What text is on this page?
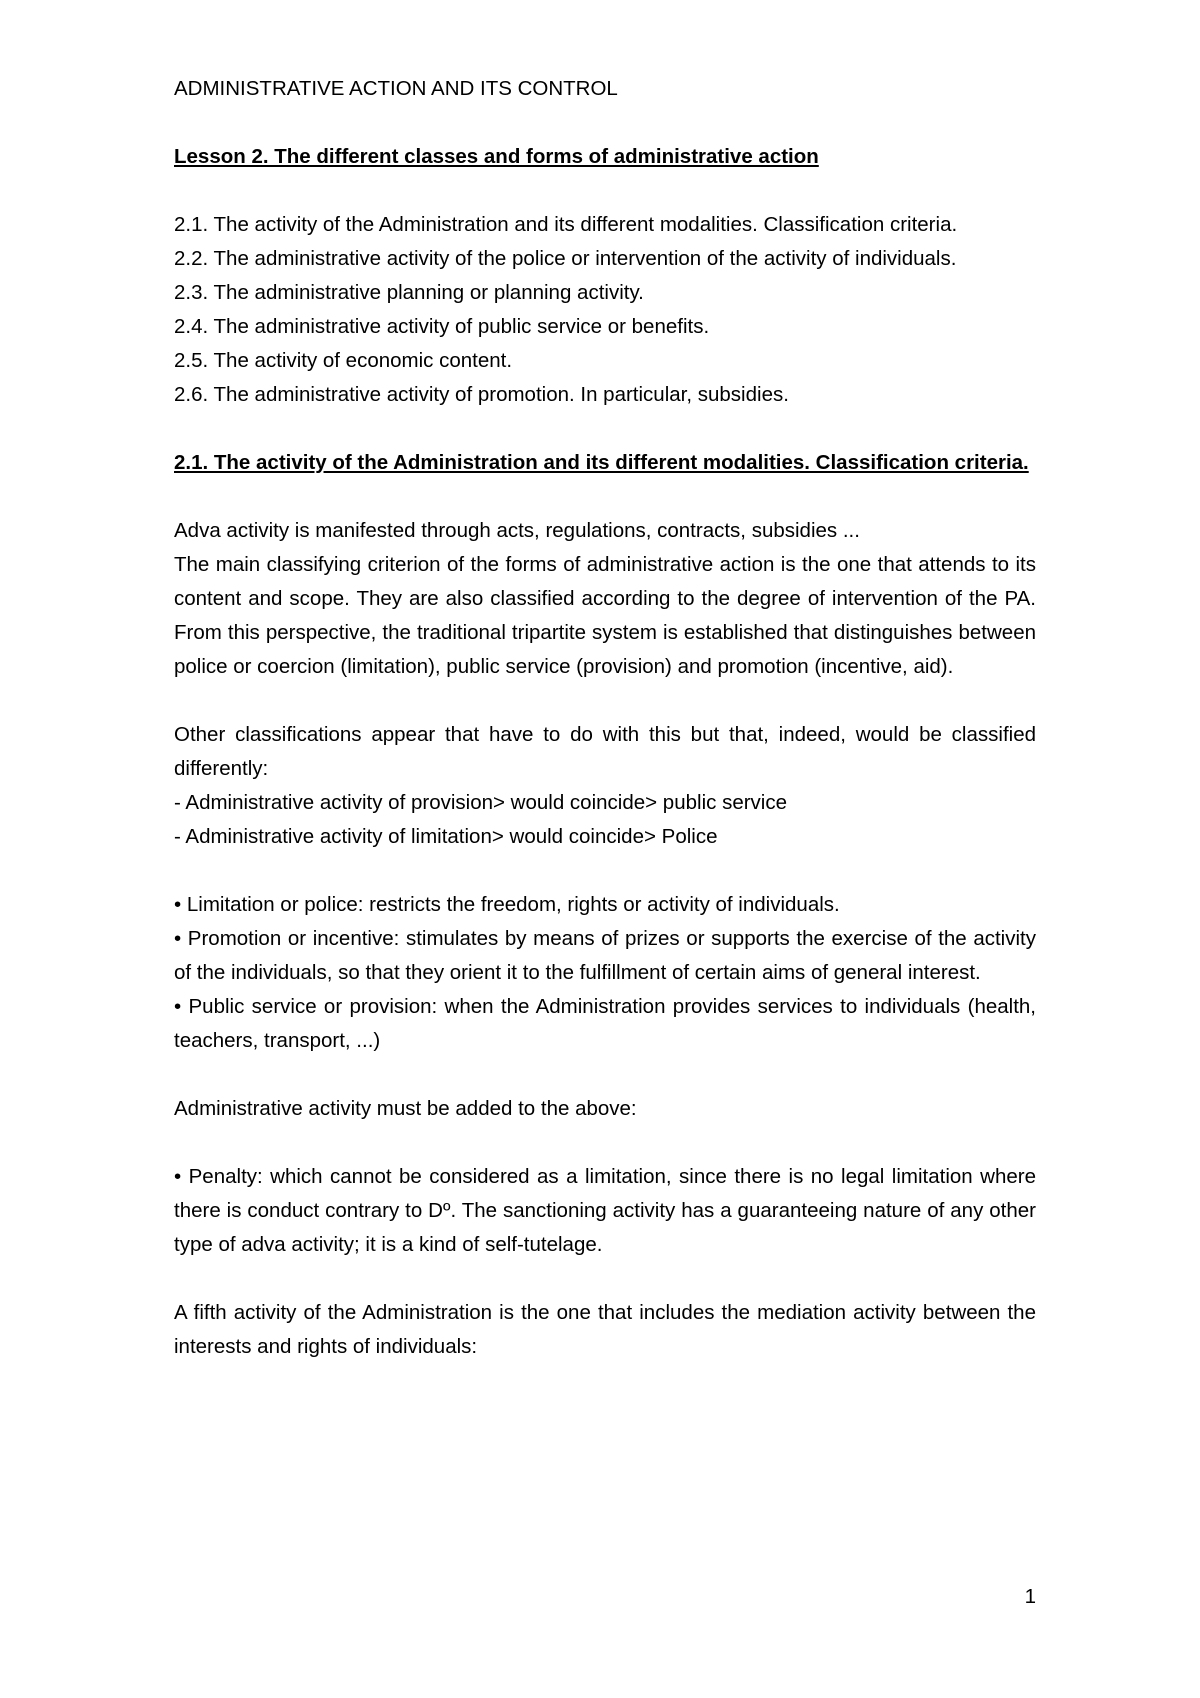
ADMINISTRATIVE ACTION AND ITS CONTROL
Lesson 2. The different classes and forms of administrative action

2.1. The activity of the Administration and its different modalities. Classification criteria.

2.2. The administrative activity of the police or intervention of the activity of individuals.

2.3. The administrative planning or planning activity.

2.4. The administrative activity of public service or benefits.

2.5. The activity of economic content.

2.6. The administrative activity of promotion. In particular, subsidies.

2.1. The activity of the Administration and its different modalities. Classification criteria.

Adva activity is manifested through acts, regulations, contracts, subsidies ...

The main classifying criterion of the forms of administrative action is the one that attends to its content and scope. They are also classified according to the degree of intervention of the PA. From this perspective, the traditional tripartite system is established that distinguishes between police or coercion (limitation), public service (provision) and promotion (incentive, aid).

Other classifications appear that have to do with this but that, indeed, would be classified differently:

- Administrative activity of provision> would coincide> public service

- Administrative activity of limitation> would coincide> Police

• Limitation or police: restricts the freedom, rights or activity of individuals.

• Promotion or incentive: stimulates by means of prizes or supports the exercise of the activity of the individuals, so that they orient it to the fulfillment of certain aims of general interest.

• Public service or provision: when the Administration provides services to individuals (health, teachers, transport, ...)

Administrative activity must be added to the above:

• Penalty: which cannot be considered as a limitation, since there is no legal limitation where there is conduct contrary to Dº. The sanctioning activity has a guaranteeing nature of any other type of adva activity; it is a kind of self-tutelage.

A fifth activity of the Administration is the one that includes the mediation activity between the interests and rights of individuals:

1
